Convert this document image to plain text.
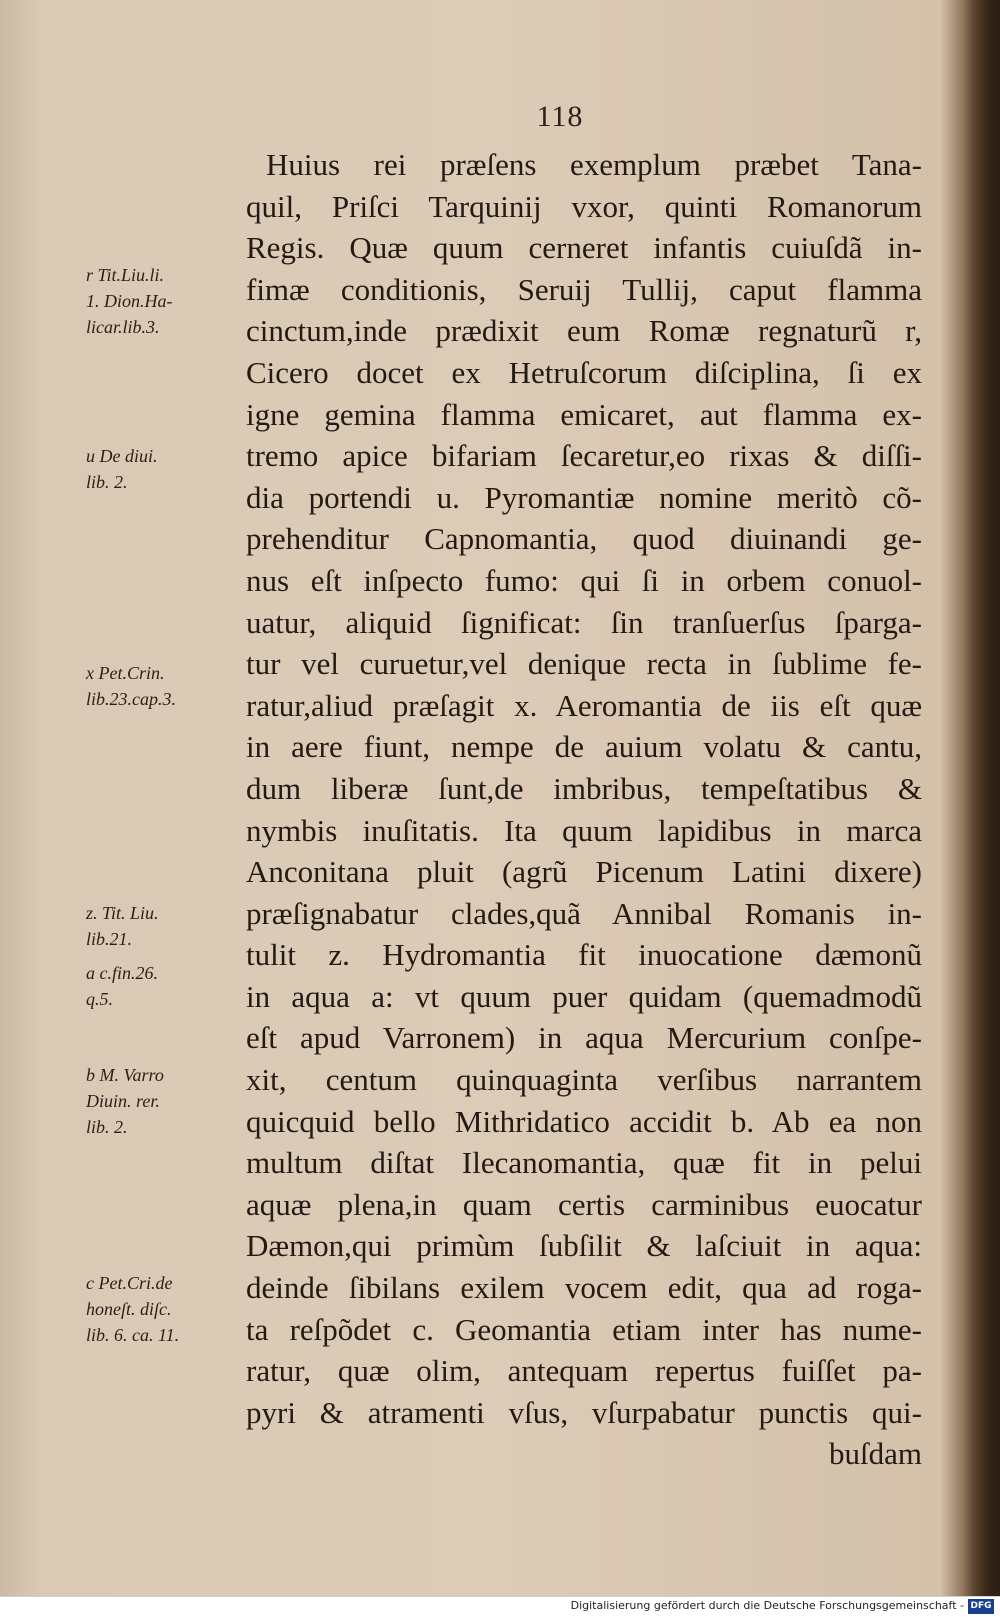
118
Huius rei præſens exemplum præbet Tana-
quil, Priſci Tarquinij vxor, quinti Romanorum
Regis. Quæ quum cerneret infantis cuiuſdã in-
fimæ conditionis, Seruij Tullij, caput flamma
cinctum,inde prædixit eum Romæ regnaturũ r,
Cicero docet ex Hetruſcorum diſciplina, ſi ex
igne gemina flamma emicaret, aut flamma ex-
tremo apice bifariam ſecaretur,eo rixas & diſſi-
dia portendi u. Pyromantiæ nomine meritò cõ-
prehenditur Capnomantia, quod diuinandi ge-
nus eſt inſpecto fumo: qui ſi in orbem conuol-
uatur, aliquid ſignificat: ſin tranſuerſus ſparga-
tur vel curuetur,vel denique recta in ſublime fe-
ratur,aliud præſagit x. Aeromantia de iis eſt quæ
in aere fiunt, nempe de auium volatu & cantu,
dum liberæ ſunt,de imbribus, tempeſtatibus &
nymbis inuſitatis. Ita quum lapidibus in marca
Anconitana pluit (agrũ Picenum Latini dixere)
præſignabatur clades,quã Annibal Romanis in-
tulit z. Hydromantia fit inuocatione dæmonũ
in aqua a: vt quum puer quidam (quemadmodũ
eſt apud Varronem) in aqua Mercurium conſpe-
xit, centum quinquaginta verſibus narrantem
quicquid bello Mithridatico accidit b. Ab ea non
multum diſtat Ilecanomantia, quæ fit in pelui
aquæ plena,in quam certis carminibus euocatur
Dæmon,qui primùm ſubſilit & laſciuit in aqua:
deinde ſibilans exilem vocem edit, qua ad roga-
ta reſpõdet c. Geomantia etiam inter has nume-
ratur, quæ olim, antequam repertus fuiſſet pa-
pyri & atramenti vſus, vſurpabatur punctis qui-
buſdam
r Tit.Liu.li.
1. Dion.Ha-
licar.lib.3.
u De diui.
lib. 2.
x Pet.Crin.
lib.23.cap.3.
z. Tit. Liu.
lib.21.
a c.fin.26.
q.5.
b M. Varro
Diuin. rer.
lib. 2.
c Pet.Cri.de
honeſt. diſc.
lib. 6. ca. 11.
Digitalisierung gefördert durch die Deutsche Forschungsgemeinschaft - DFG
